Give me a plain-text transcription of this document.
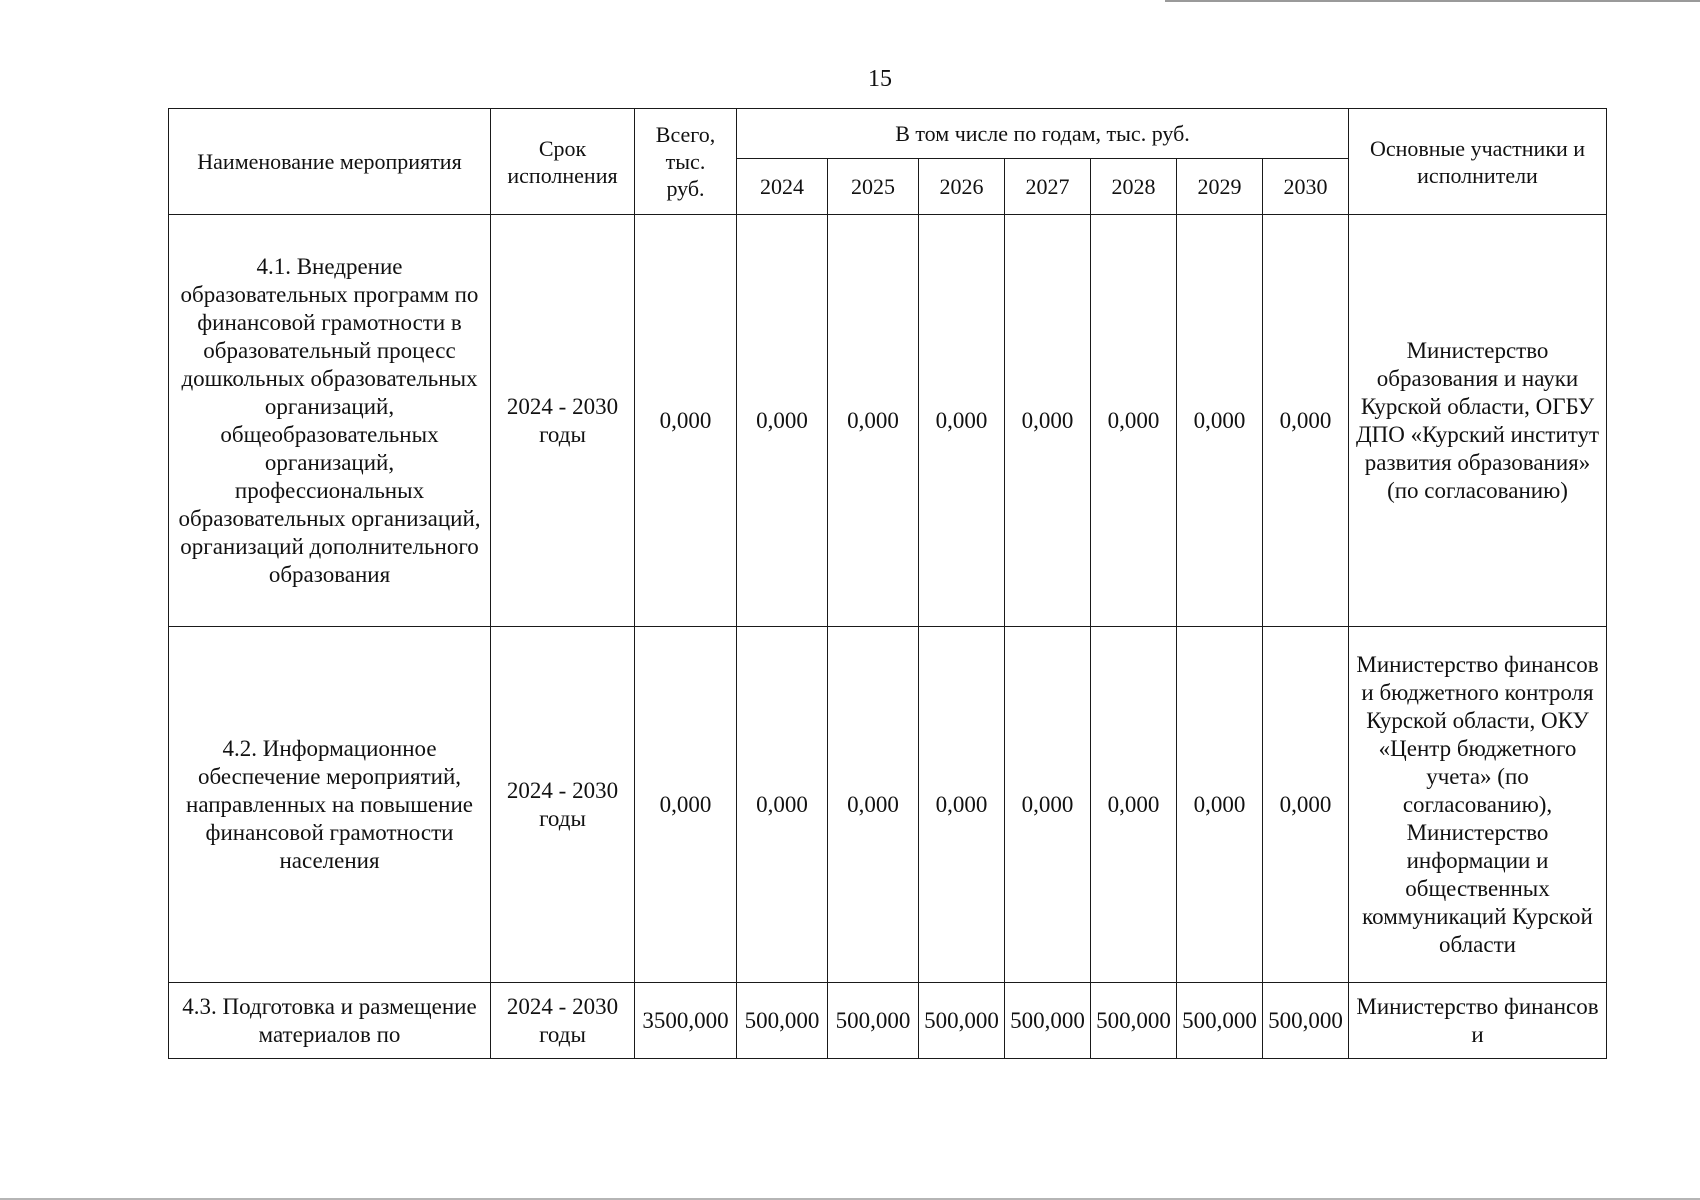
15
Наименование мероприятия	Срок исполнения	Всего, тыс. руб.	В том числе по годам, тыс. руб.							Основные участники и исполнители
			2024	2025	2026	2027	2028	2029	2030	
4.1. Внедрение образовательных программ по финансовой грамотности в образовательный процесс дошкольных образовательных организаций, общеобразовательных организаций, профессиональных образовательных организаций, организаций дополнительного образования	2024 - 2030 годы	0,000	0,000	0,000	0,000	0,000	0,000	0,000	0,000	Министерство образования и науки Курской области, ОГБУ ДПО «Курский институт развития образования» (по согласованию)
4.2. Информационное обеспечение мероприятий, направленных на повышение финансовой грамотности населения	2024 - 2030 годы	0,000	0,000	0,000	0,000	0,000	0,000	0,000	0,000	Министерство финансов и бюджетного контроля Курской области, ОКУ «Центр бюджетного учета» (по согласованию), Министерство информации и общественных коммуникаций Курской области
4.3. Подготовка и размещение материалов по	2024 - 2030 годы	3500,000	500,000	500,000	500,000	500,000	500,000	500,000	500,000	Министерство финансов и
